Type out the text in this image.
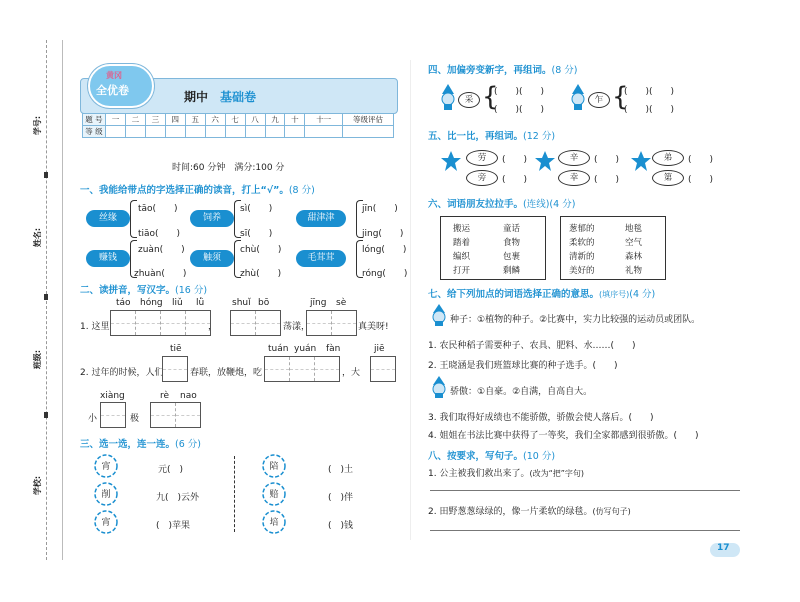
学号:
姓名:
班级:
学校:
黄冈
全优卷	期中 基础卷
题 号	一	二	三	四	五	六	七	八	九	十	十一	等级评估
等 级												
时间:60 分钟　满分:100 分
一、我能给带点的字选择正确的读音，打上“√”。(8 分)
丝缘
tāo(　　)
tiāo(　　)
饲养
sì(　　)
sī(　　)
甜津津
jīn(　　)
jing(　　)
赚钱
zuàn(　　)
zhuàn(　　)
触须
chù(　　)
zhù(　　)
毛茸茸
lóng(　　)
róng(　　)
二、读拼音，写汉字。(16 分)
táo hóng liǔ lǜ	shuǐ bō	jīng sè
1. 这里	，	荡漾，	真美呀!
tiē	tuán yuán fàn	jiē
2. 过年的时候，人们	春联，放鞭炮，吃	，大
xiàng	rè nao
小	极
三、选一选，连一连。(6 分)
宵
削
宵
元(　)
九(　)云外
(　)苹果
陪
赔
培
(　)土
(　)伴
(　)钱
四、加偏旁变新字，再组词。(8 分)
采 {
(　　)(　　)
(　　)(　　)
乍 {
(　　)(　　)
(　　)(　　)
五、比一比，再组词。(12 分)
劳
旁
(　　)
(　　)
辛
幸
(　　)
(　　)
弟
第
(　　)
(　　)
六、词语朋友拉拉手。(连线)(4 分)
搬运
踏着
编织
打开
童话
食物
包裹
剩鳞
葱郁的
柔软的
清新的
美好的
地毯
空气
森林
礼物
七、给下列加点的词语选择正确的意思。(填序号)(4 分)
种子：①植物的种子。②比赛中，实力比较强的运动员或团队。
1. 农民种稻子需要种子、农具、肥料、水……(　　)
2. 王晓涵是我们班篮球比赛的种子选手。(　　)
骄傲：①自豪。②自满，自高自大。
3. 我们取得好成绩也不能骄傲，骄傲会使人落后。(　　)
4. 姐姐在书法比赛中获得了一等奖，我们全家都感到很骄傲。(　　)
八、按要求，写句子。(10 分)
1. 公主被我们救出来了。(改为“把”字句)
2. 田野葱葱绿绿的，像一片柔软的绿毯。(仿写句子)
17
